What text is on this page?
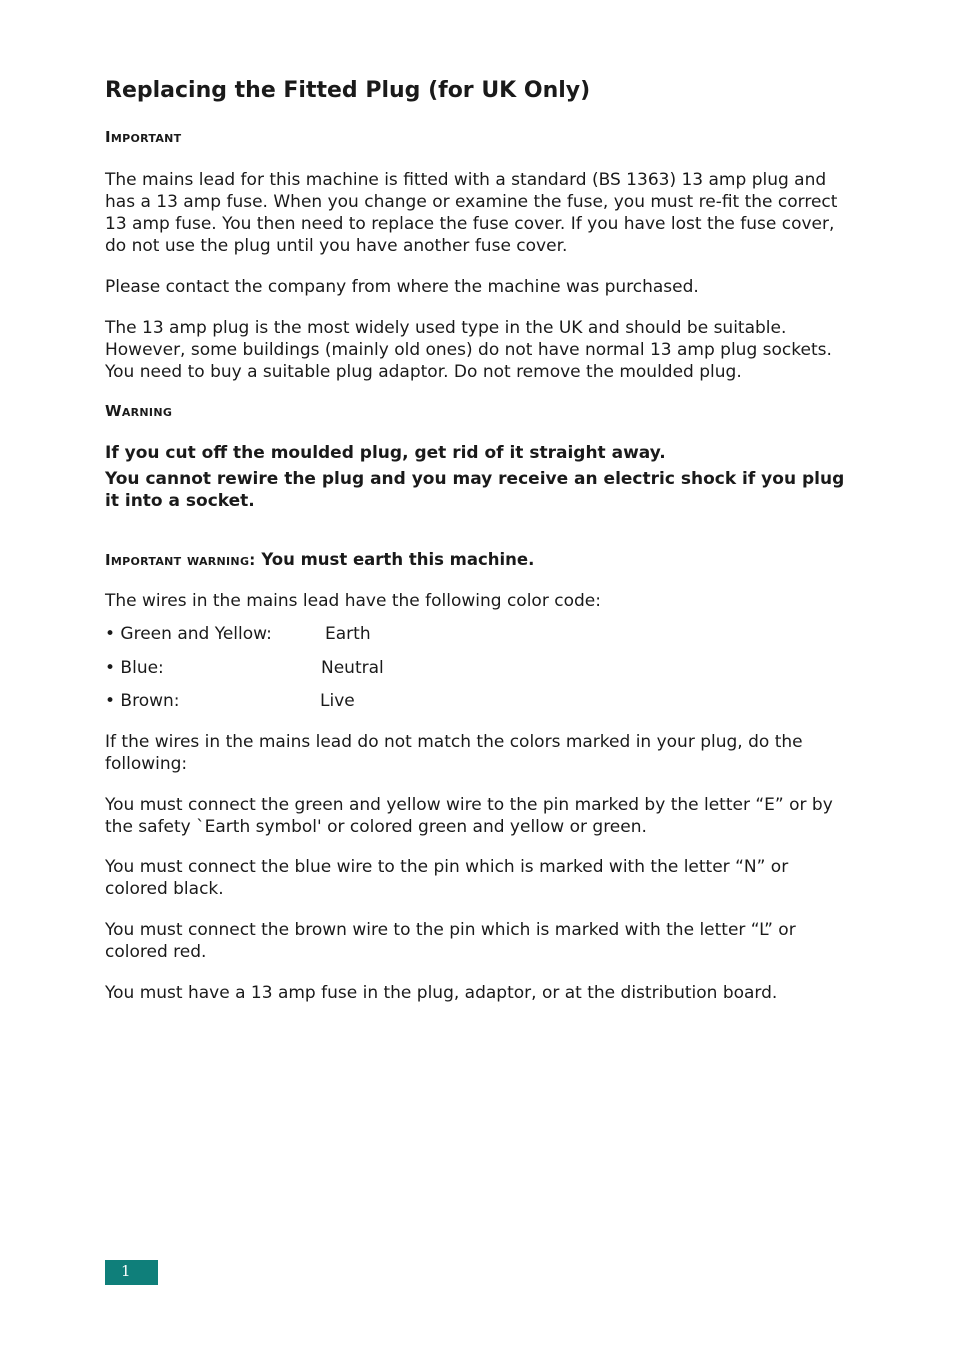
Replacing the Fitted Plug (for UK Only)

Important

The mains lead for this machine is fitted with a standard (BS 1363) 13 amp plug and has a 13 amp fuse. When you change or examine the fuse, you must re-fit the correct 13 amp fuse. You then need to replace the fuse cover. If you have lost the fuse cover, do not use the plug until you have another fuse cover.

Please contact the company from where the machine was purchased.

The 13 amp plug is the most widely used type in the UK and should be suitable. However, some buildings (mainly old ones) do not have normal 13 amp plug sockets. You need to buy a suitable plug adaptor. Do not remove the moulded plug.

Warning

If you cut off the moulded plug, get rid of it straight away.

You cannot rewire the plug and you may receive an electric shock if you plug it into a socket.

Important warning: You must earth this machine.

The wires in the mains lead have the following color code:

• Green and Yellow:	Earth
• Blue:	Neutral
• Brown:	Live

If the wires in the mains lead do not match the colors marked in your plug, do the following:

You must connect the green and yellow wire to the pin marked by the letter “E” or by the safety `Earth symbol' or colored green and yellow or green.

You must connect the blue wire to the pin which is marked with the letter “N” or colored black.

You must connect the brown wire to the pin which is marked with the letter “L” or colored red.

You must have a 13 amp fuse in the plug, adaptor, or at the distribution board.

1
